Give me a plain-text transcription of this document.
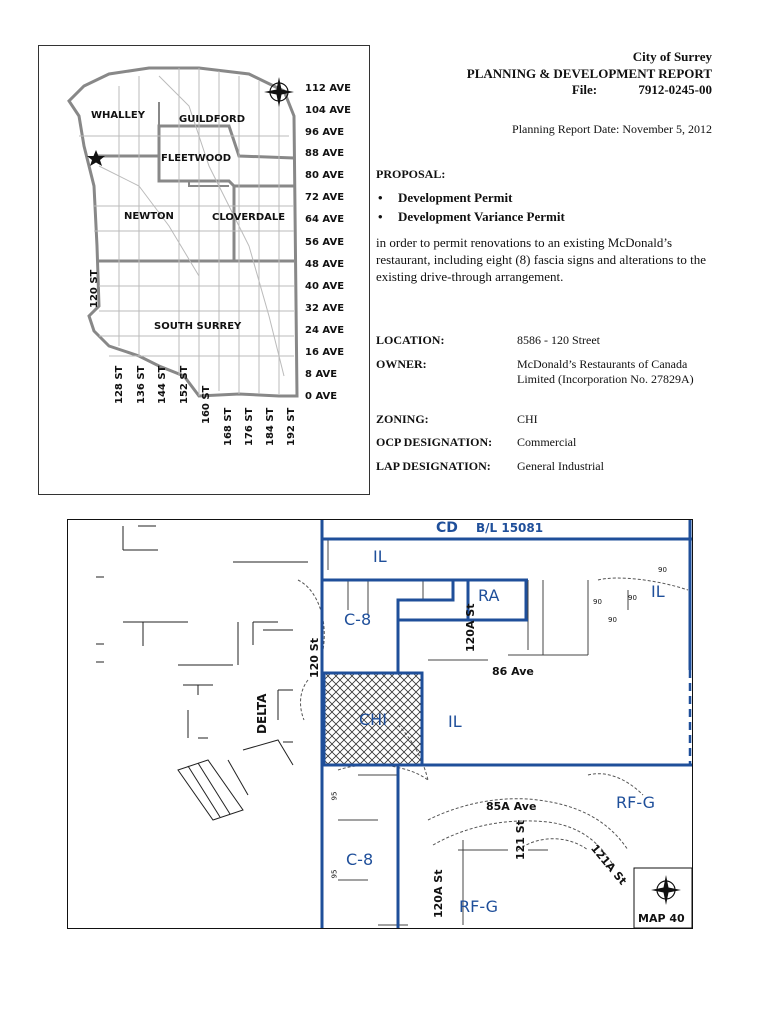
WHALLEY	GUILDFORD
FLEETWOOD
NEWTON	CLOVERDALE
SOUTH SURREY
112 AVE
104 AVE
96 AVE
88 AVE
80 AVE
72 AVE
64 AVE
56 AVE
48 AVE
40 AVE
32 AVE
24 AVE
16 AVE
8 AVE
0 AVE
120 ST
128 ST 136 ST 144 ST 152 ST
160 ST
168 ST 176 ST 184 ST 192 ST
City of Surrey
PLANNING & DEVELOPMENT REPORT
File:	7912-0245-00
Planning Report Date: November 5, 2012
PROPOSAL:
• Development Permit
• Development Variance Permit
in order to permit renovations to an existing McDonald’s restaurant, including eight (8) fascia signs and alterations to the existing drive-through arrangement.
LOCATION:	8586 - 120 Street
OWNER:	McDonald’s Restaurants of Canada Limited (Incorporation No. 27829A)
ZONING:	CHI
OCP DESIGNATION: Commercial
LAP DESIGNATION: General Industrial
CD B/L 15081
IL
IL
RA
C-8
CHI	IL
RF-G
C-8
RF-G
120 St
120A St
86 Ave
85A Ave
121 St
121A St
120A St
DELTA
90
90
90
90
95
95
MAP 40
